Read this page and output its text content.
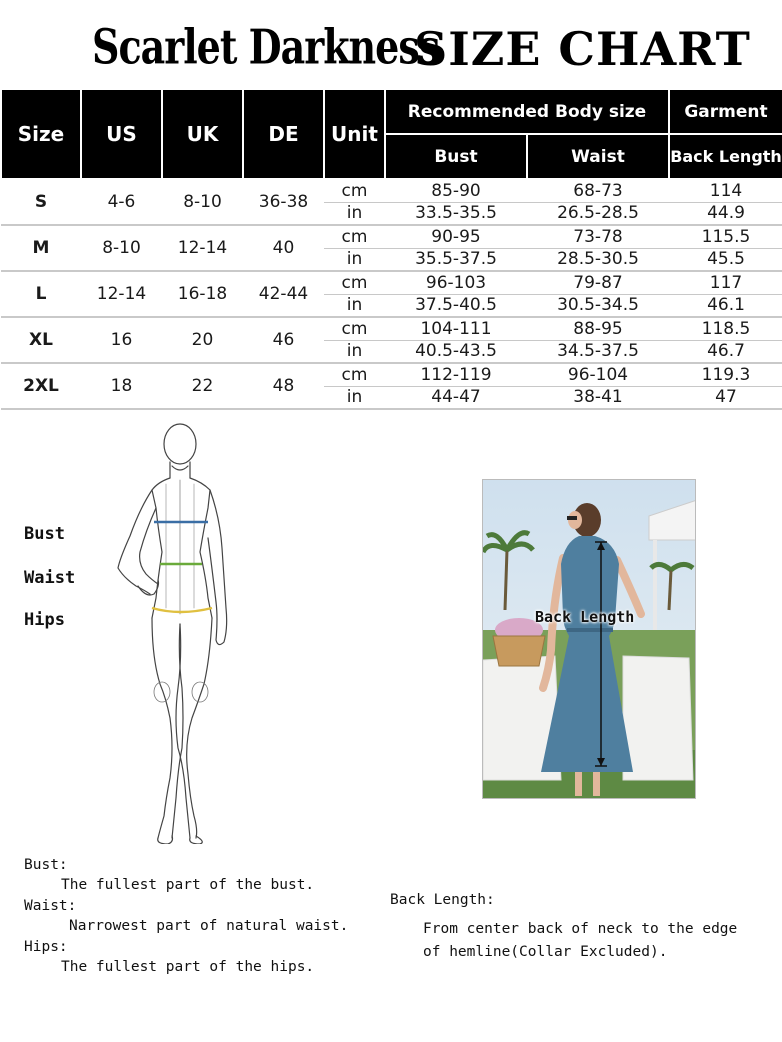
Scarlet Darkness
SIZE CHART
Size	US	UK	DE	Unit	Recommended Body size		Garment
					Bust	Waist	Back Length
S	4-6	8-10	36-38	cm	85-90	68-73	114
				in	33.5-35.5	26.5-28.5	44.9
M	8-10	12-14	40	cm	90-95	73-78	115.5
				in	35.5-37.5	28.5-30.5	45.5
L	12-14	16-18	42-44	cm	96-103	79-87	117
				in	37.5-40.5	30.5-34.5	46.1
XL	16	20	46	cm	104-111	88-95	118.5
				in	40.5-43.5	34.5-37.5	46.7
2XL	18	22	48	cm	112-119	96-104	119.3
				in	44-47	38-41	47
Bust
Waist
Hips	Back Length
Bust:
The fullest part of the bust.
Waist:
Narrowest part of natural waist.
Hips:
The fullest part of the hips.
Back Length:
From center back of neck to the edge
of hemline(Collar Excluded).
